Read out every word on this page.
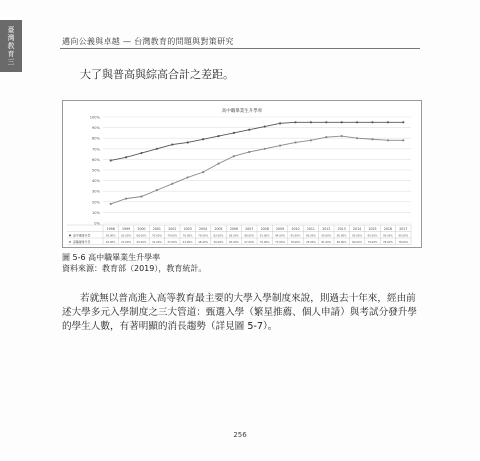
臺灣教育三	邁向公義與卓越 — 台灣教育的問題與對策研究
大了與普高與綜高合計之差距。
高中職畢業生升學率
100%
90%
80%
70%
60%
50%
40%
30%
20%
10%
0%
1998 1999 2000 2001 2002 2003 2004 2005 2006 2007 2008 2009 2010 2011 2012 2013 2014 2015 2016 2017
高中畢業升學	59.00% 62.00% 66.00% 70.00% 74.00% 76.00% 79.00% 82.00% 85.00% 88.00% 91.00% 94.00% 95.00% 95.00% 95.00% 95.00% 95.00% 95.00% 95.00% 95.00%
高職畢業升學	18.00% 23.00% 25.00% 31.00% 37.00% 43.00% 48.00% 56.00% 63.00% 67.00% 70.00% 73.00% 76.00% 78.00% 81.00% 82.00% 80.00% 79.00% 78.00% 78.00%
圖 5-6 高中職畢業生升學率
資料來源：教育部（2019），教育統計。
若就無以普高進入高等教育最主要的大學入學制度來說，則過去十年來，經由前述大學多元入學制度之三大管道：甄選入學（繁星推薦、個人申請）與考試分發升學的學生人數，有著明顯的消長趨勢（詳見圖 5-7）。
256
